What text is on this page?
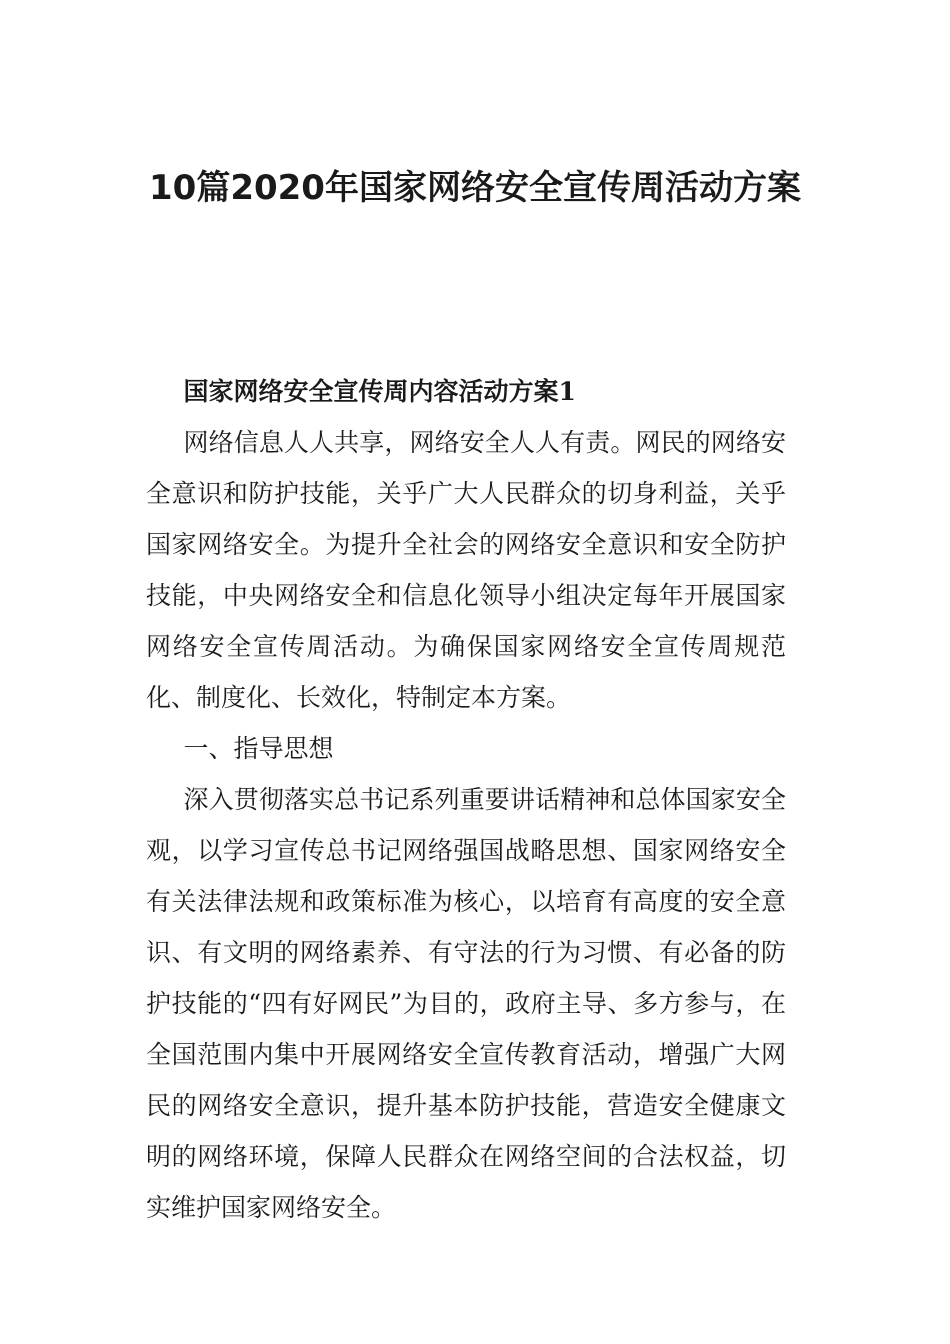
10篇2020年国家网络安全宣传周活动方案

国家网络安全宣传周内容活动方案1

网络信息人人共享，网络安全人人有责。网民的网络安全意识和防护技能，关乎广大人民群众的切身利益，关乎国家网络安全。为提升全社会的网络安全意识和安全防护技能，中央网络安全和信息化领导小组决定每年开展国家网络安全宣传周活动。为确保国家网络安全宣传周规范化、制度化、长效化，特制定本方案。

一、指导思想

深入贯彻落实总书记系列重要讲话精神和总体国家安全观，以学习宣传总书记网络强国战略思想、国家网络安全有关法律法规和政策标准为核心，以培育有高度的安全意识、有文明的网络素养、有守法的行为习惯、有必备的防护技能的“四有好网民”为目的，政府主导、多方参与，在全国范围内集中开展网络安全宣传教育活动，增强广大网民的网络安全意识，提升基本防护技能，营造安全健康文明的网络环境，保障人民群众在网络空间的合法权益，切实维护国家网络安全。
